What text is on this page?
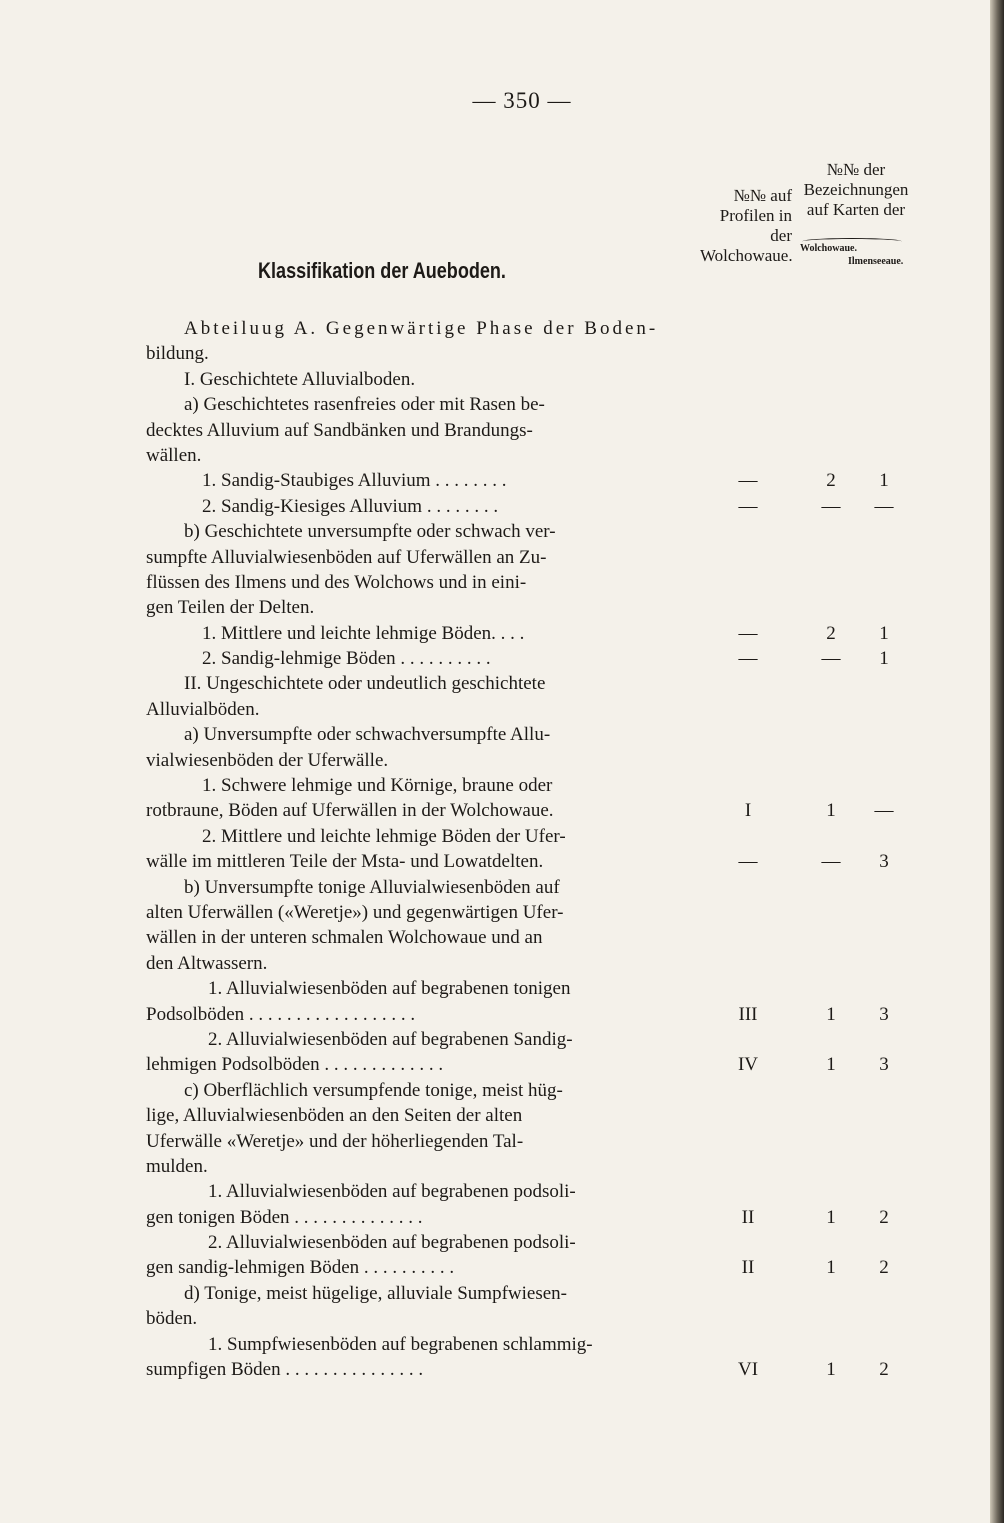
— 350 —
№№ der Bezeichnungen auf Karten der
№№ auf Profilen in der Wolchowaue. Wolchowaue.
Ilmenseeaue.
Klassifikation der Aueboden.
Abteiluug A. Gegenwärtige Phase der Boden-
bildung.
I. Geschichtete Alluvialboden.
a) Geschichtetes rasenfreies oder mit Rasen be-
decktes Alluvium auf Sandbänken und Brandungs-
wällen.
1. Sandig-Staubiges Alluvium . . . . . . . .	—	2	1
2. Sandig-Kiesiges Alluvium . . . . . . . .	—	—	—
b) Geschichtete unversumpfte oder schwach ver-
sumpfte Alluvialwiesenböden auf Uferwällen an Zu-
flüssen des Ilmens und des Wolchows und in eini-
gen Teilen der Delten.
1. Mittlere und leichte lehmige Böden. . . .	—	2	1
2. Sandig-lehmige Böden . . . . . . . . . .	—	—	1
II. Ungeschichtete oder undeutlich geschichtete
Alluvialböden.
a) Unversumpfte oder schwachversumpfte Allu-
vialwiesenböden der Uferwälle.
1. Schwere lehmige und Körnige, braune oder
rotbraune, Böden auf Uferwällen in der Wolchowaue.	I	1	—
2. Mittlere und leichte lehmige Böden der Ufer-
wälle im mittleren Teile der Msta- und Lowatdelten.	—	—	3
b) Unversumpfte tonige Alluvialwiesenböden auf
alten Uferwällen («Weretje») und gegenwärtigen Ufer-
wällen in der unteren schmalen Wolchowaue und an
den Altwassern.
1. Alluvialwiesenböden auf begrabenen tonigen
Podsolböden . . . . . . . . . . . . . . . . . .	III	1	3
2. Alluvialwiesenböden auf begrabenen Sandig-
lehmigen Podsolböden . . . . . . . . . . . . .	IV	1	3
c) Oberflächlich versumpfende tonige, meist hüg-
lige, Alluvialwiesenböden an den Seiten der alten
Uferwälle «Weretje» und der höherliegenden Tal-
mulden.
1. Alluvialwiesenböden auf begrabenen podsoli-
gen tonigen Böden . . . . . . . . . . . . . .	II	1	2
2. Alluvialwiesenböden auf begrabenen podsoli-
gen sandig-lehmigen Böden . . . . . . . . . .	II	1	2
d) Tonige, meist hügelige, alluviale Sumpfwiesen-
böden.
1. Sumpfwiesenböden auf begrabenen schlammig-
sumpfigen Böden . . . . . . . . . . . . . . .	VI	1	2
